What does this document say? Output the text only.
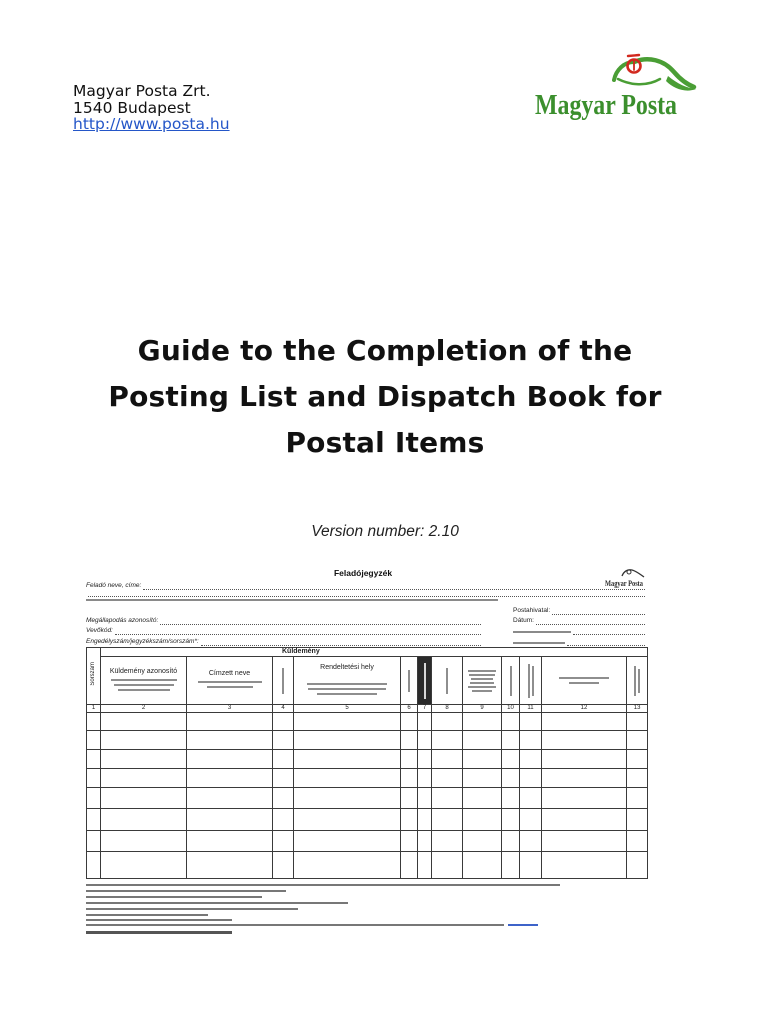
Magyar Posta Zrt.
1540 Budapest
http://www.posta.hu
Magyar Posta
Guide to the Completion of the
Posting List and Dispatch Book for
Postal Items
Version number: 2.10
Feladójegyzék
Magyar Posta
Feladó neve, címe:
Megállapodás azonosító:
Vevőkód:
Engedélyszám/jegyzékszám/sorszám*:
Postahivatal:
Dátum:
Sorszám	Küldemény											

	Küldemény azonosító	Címzett neve		Rendeltetési hely								

1	2	3	4	5	6	7	8	9	10	11	12	13
